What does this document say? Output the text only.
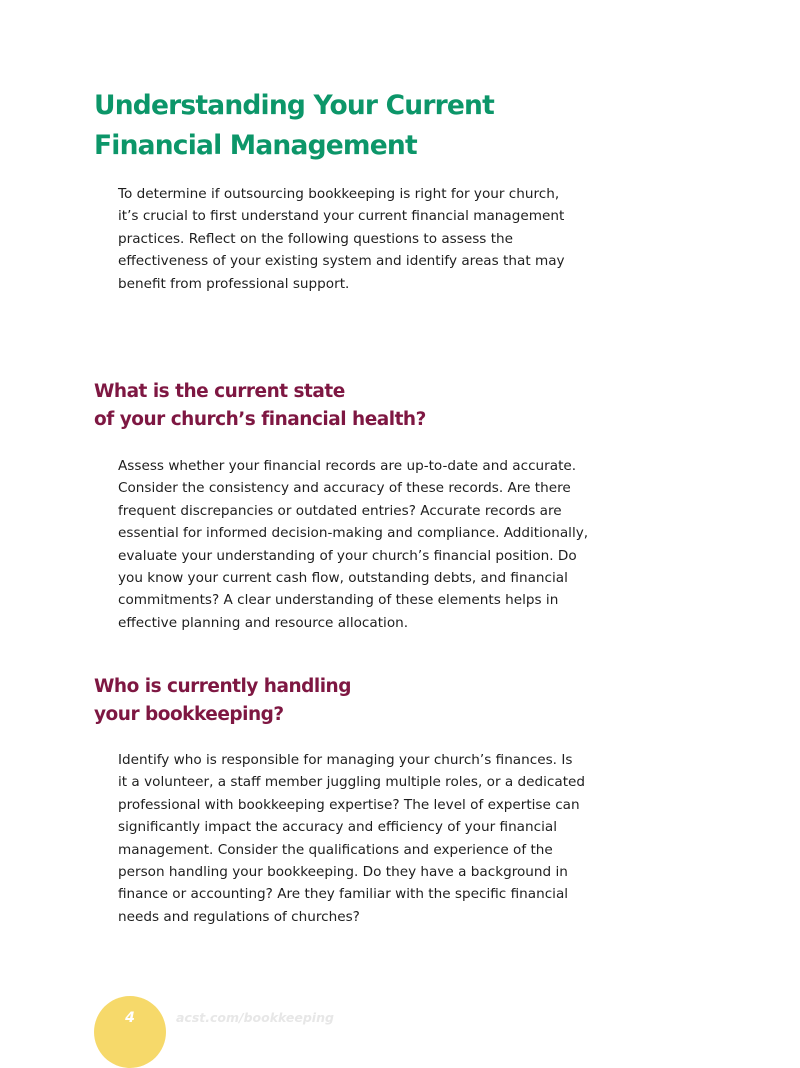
Understanding Your Current
Financial Management
To determine if outsourcing bookkeeping is right for your church,
it’s crucial to first understand your current financial management
practices. Reflect on the following questions to assess the
effectiveness of your existing system and identify areas that may
benefit from professional support.
What is the current state
of your church’s financial health?
Assess whether your financial records are up-to-date and accurate.
Consider the consistency and accuracy of these records. Are there
frequent discrepancies or outdated entries? Accurate records are
essential for informed decision-making and compliance. Additionally,
evaluate your understanding of your church’s financial position. Do
you know your current cash flow, outstanding debts, and financial
commitments? A clear understanding of these elements helps in
effective planning and resource allocation.
Who is currently handling
your bookkeeping?
Identify who is responsible for managing your church’s finances. Is
it a volunteer, a staff member juggling multiple roles, or a dedicated
professional with bookkeeping expertise? The level of expertise can
significantly impact the accuracy and efficiency of your financial
management. Consider the qualifications and experience of the
person handling your bookkeeping. Do they have a background in
finance or accounting? Are they familiar with the specific financial
needs and regulations of churches?
4	acst.com/bookkeeping
